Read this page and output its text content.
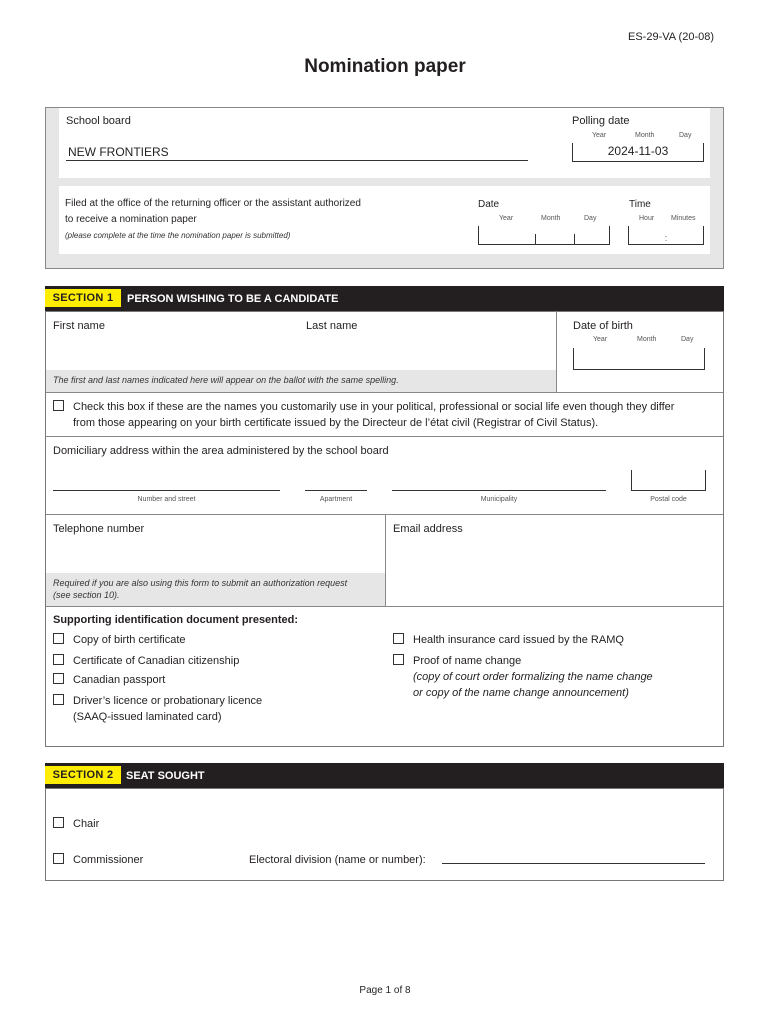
ES-29-VA (20-08)
Nomination paper
School board
NEW FRONTIERS
Polling date
Year	Month	Day
2024-11-03
Filed at the office of the returning officer or the assistant authorized
to receive a nomination paper
(please complete at the time the nomination paper is submitted)
Date
Year	Month	Day
Time
Hour Minutes
:
SECTION 1	PERSON WISHING TO BE A CANDIDATE
First name	Last name
The first and last names indicated here will appear on the ballot with the same spelling.
Date of birth
Year	Month	Day
Check this box if these are the names you customarily use in your political, professional or social life even though they differ
from those appearing on your birth certificate issued by the Directeur de l’état civil (Registrar of Civil Status).
Domiciliary address within the area administered by the school board
Number and street	Apartment	Municipality	Postal code
Telephone number
Required if you are also using this form to submit an authorization request
(see section 10).
Email address
Supporting identification document presented:
Copy of birth certificate
Certificate of Canadian citizenship
Canadian passport
Driver’s licence or probationary licence
(SAAQ-issued laminated card)
Health insurance card issued by the RAMQ
Proof of name change
(copy of court order formalizing the name change
or copy of the name change announcement)
SECTION 2	SEAT SOUGHT
Chair
Commissioner	Electoral division (name or number):
Page 1 of 8
